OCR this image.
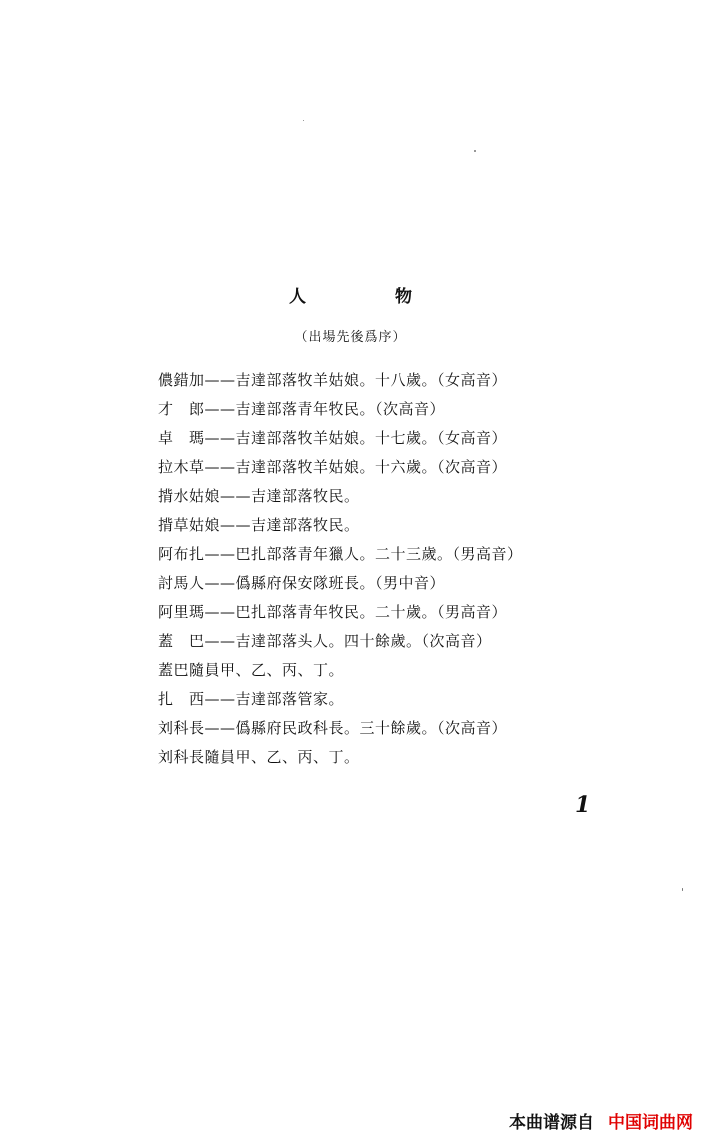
人　物
（出場先後爲序）
儂錯加——吉達部落牧羊姑娘。十八歲。（女高音）
才　郎——吉達部落青年牧民。（次高音）
卓　瑪——吉達部落牧羊姑娘。十七歲。（女高音）
拉木草——吉達部落牧羊姑娘。十六歲。（次高音）
揹水姑娘——吉達部落牧民。
揹草姑娘——吉達部落牧民。
阿布扎——巴扎部落青年獵人。二十三歲。（男高音）
討馬人——僞縣府保安隊班長。（男中音）
阿里瑪——巴扎部落青年牧民。二十歲。（男高音）
蓋　巴——吉達部落头人。四十餘歲。（次高音）
蓋巴隨員甲、乙、丙、丁。
扎　西——吉達部落管家。
刘科長——僞縣府民政科長。三十餘歲。（次高音）
刘科長隨員甲、乙、丙、丁。
1
本曲谱源自 中国词曲网
